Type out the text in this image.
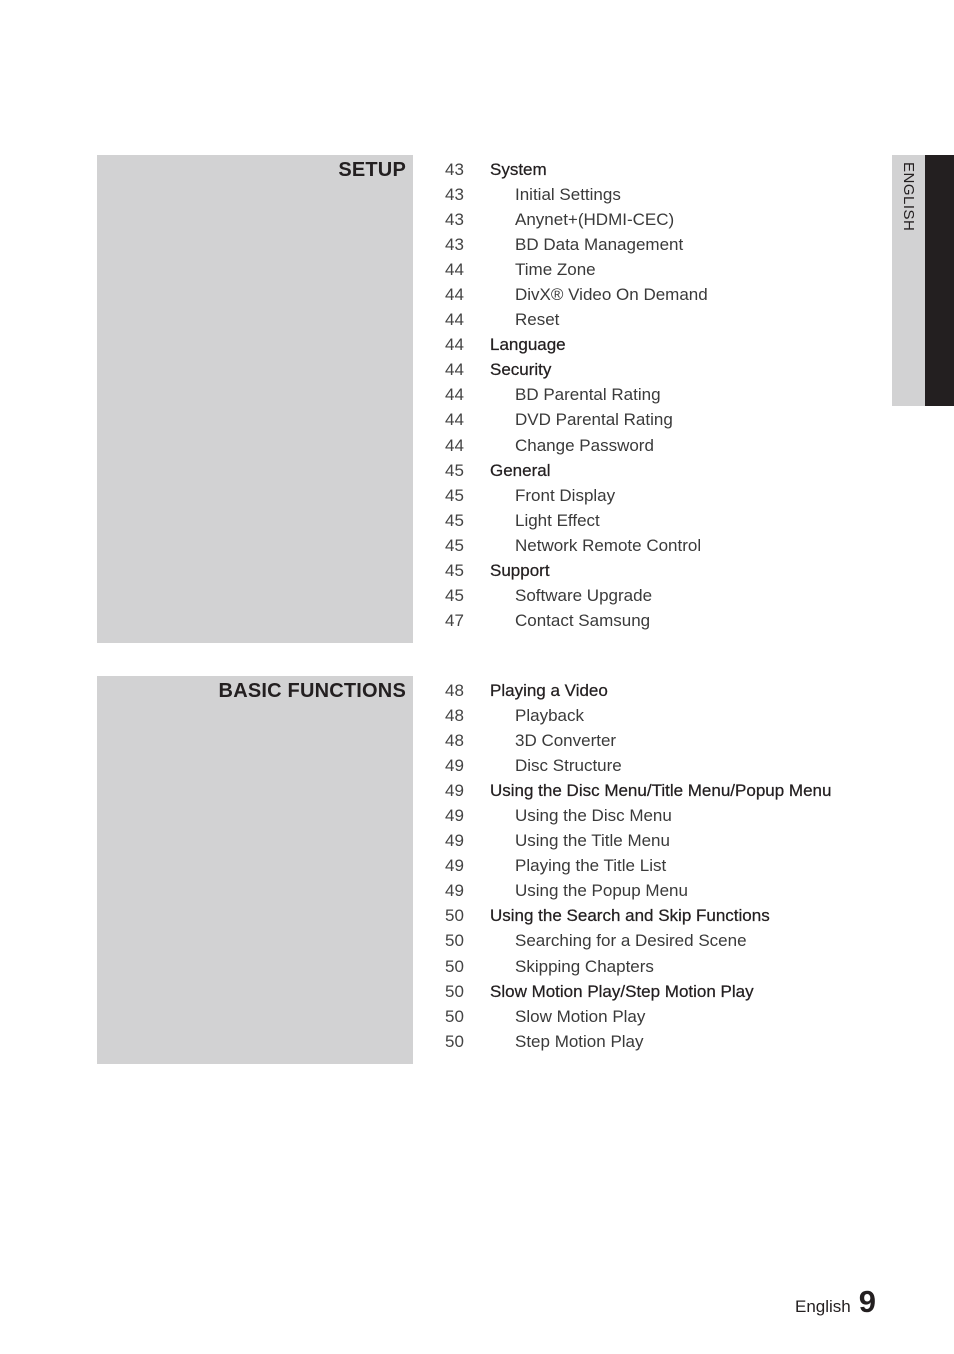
SETUP 43 System
43	Initial Settings
43	Anynet+(HDMI-CEC)
43	BD Data Management
44	Time Zone
44	DivX® Video On Demand
44	Reset
44 Language
44 Security
44	BD Parental Rating
44	DVD Parental Rating
44	Change Password
45 General
45	Front Display
45	Light Effect
45	Network Remote Control
45 Support
45	Software Upgrade
47	Contact Samsung
BASIC FUNCTIONS 48 Playing a Video
48	Playback
48	3D Converter
49	Disc Structure
49 Using the Disc Menu/Title Menu/Popup Menu
49	Using the Disc Menu
49	Using the Title Menu
49	Playing the Title List
49	Using the Popup Menu
50 Using the Search and Skip Functions
50	Searching for a Desired Scene
50	Skipping Chapters
50 Slow Motion Play/Step Motion Play
50	Slow Motion Play
50	Step Motion Play
ENGLISH
English 9
